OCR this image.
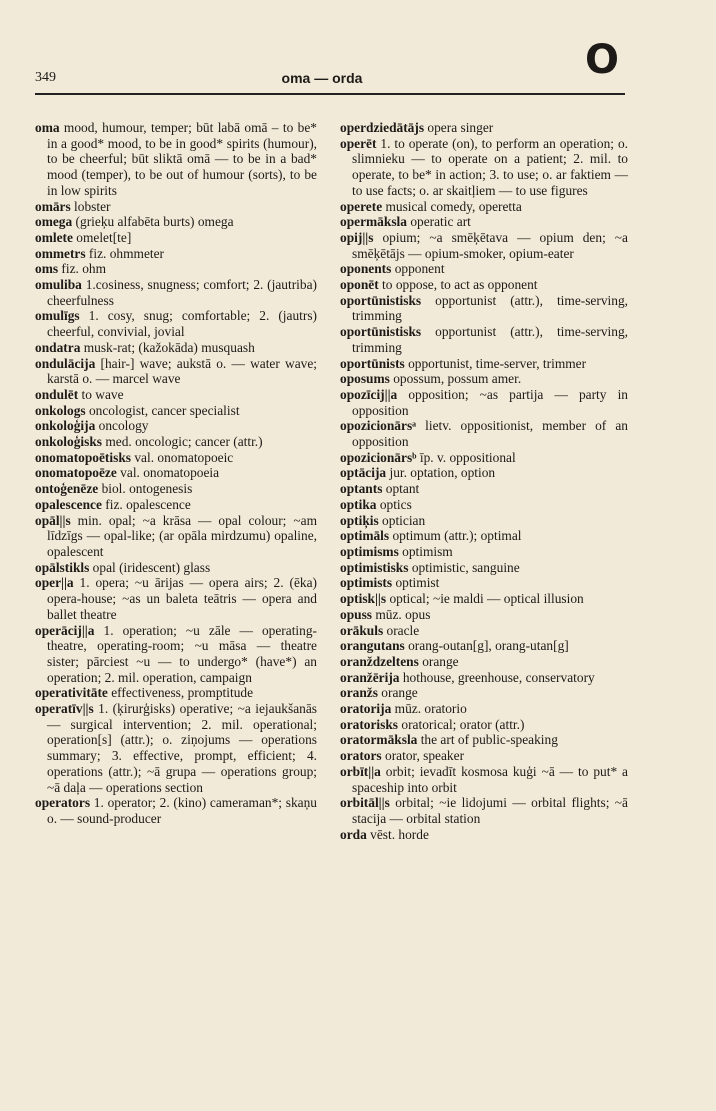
349	oma — orda	O
oma mood, humour, temper; būt labā omā – to be* in a good* mood, to be in good* spirits (humour), to be cheerful; būt sliktā omā — to be in a bad* mood (temper), to be out of humour (sorts), to be in low spirits
omārs lobster
omega (grieķu alfabēta burts) omega
omlete omelet[te]
ommetrs fiz. ohmmeter
oms fiz. ohm
omuliba 1.cosiness, snugness; comfort; 2. (jautriba) cheerfulness
omulīgs 1. cosy, snug; comfortable; 2. (jautrs) cheerful, convivial, jovial
ondatra musk-rat; (kažokāda) musquash
ondulācija [hair-] wave; aukstā o. — water wave; karstā o. — marcel wave
ondulēt to wave
onkologs oncologist, cancer specialist
onkoloģija oncology
onkoloģisks med. oncologic; cancer (attr.)
onomatopoētisks val. onomatopoeic
onomatopoēze val. onomatopoeia
ontoģenēze biol. ontogenesis
opalescence fiz. opalescence
opāl||s min. opal; ~a krāsa — opal colour; ~am līdzīgs — opal-like; (ar opāla mirdzumu) opaline, opalescent
opālstikls opal (iridescent) glass
oper||a 1. opera; ~u ārijas — opera airs; 2. (ēka) opera-house; ~as un baleta teātris — opera and ballet theatre
operācij||a 1. operation; ~u zāle — operating-theatre, operating-room; ~u māsa — theatre sister; pārciest ~u — to undergo* (have*) an operation; 2. mil. operation, campaign
operativitāte effectiveness, promptitude
operatīv||s 1. (ķirurģisks) operative; ~a iejaukšanās — surgical intervention; 2. mil. operational; operation[s] (attr.); o. ziņojums — operations summary; 3. effective, prompt, efficient; 4. operations (attr.); ~ā grupa — operations group; ~ā daļa — operations section
operators 1. operator; 2. (kino) cameraman*; skaņu o. — sound-producer
operdziedātājs opera singer
operēt 1. to operate (on), to perform an operation; o. slimnieku — to operate on a patient; 2. mil. to operate, to be* in action; 3. to use; o. ar faktiem — to use facts; o. ar skaitļiem — to use figures
operete musical comedy, operetta
opermāksla operatic art
opij||s opium; ~a smēķētava — opium den; ~a smēķētājs — opium-smoker, opium-eater
oponents opponent
oponēt to oppose, to act as opponent
oportūnistisks opportunist (attr.), time-serving, trimming
oportūnistisks opportunist (attr.), time-serving, trimming
oportūnists opportunist, time-server, trimmer
oposums opossum, possum amer.
opozīcij||a opposition; ~as partija — party in opposition
opozicionārsᵃ lietv. oppositionist, member of an opposition
opozicionārsᵇ īp. v. oppositional
optācija jur. optation, option
optants optant
optika optics
optiķis optician
optimāls optimum (attr.); optimal
optimisms optimism
optimistisks optimistic, sanguine
optimists optimist
optisk||s optical; ~ie maldi — optical illusion
opuss mūz. opus
orākuls oracle
orangutans orang-outan[g], orang-utan[g]
oranždzeltens orange
oranžērija hothouse, greenhouse, conservatory
oranžs orange
oratorija mūz. oratorio
oratorisks oratorical; orator (attr.)
oratormāksla the art of public-speaking
orators orator, speaker
orbīt||a orbit; ievadīt kosmosa kuģi ~ā — to put* a spaceship into orbit
orbitāl||s orbital; ~ie lidojumi — orbital flights; ~ā stacija — orbital station
orda vēst. horde
